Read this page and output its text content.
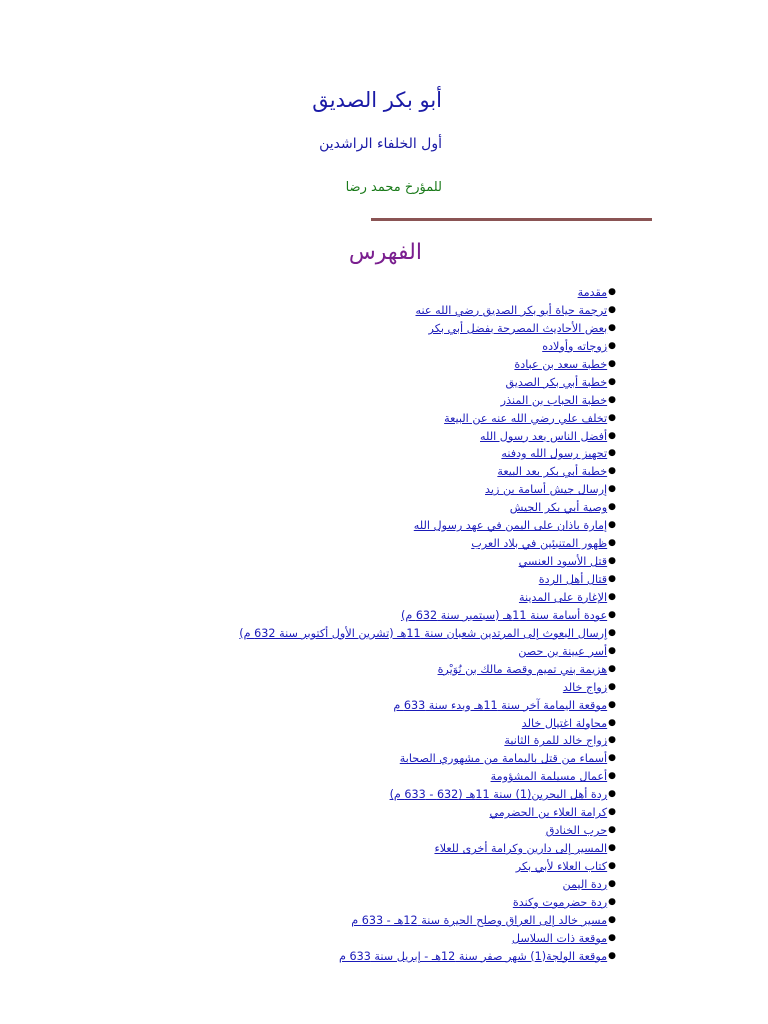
أبو بكر الصديق
أول الخلفاء الراشدين
للمؤرخ محمد رضا
الفهرس
●مقدمة
●ترجمة حياة أبو بكر الصديق رضي الله عنه
●بعض الأحاديث المصرحة بفضل أبي بكر
●زوجاته وأولاده
●خطبة سعد بن عبادة
●خطبة أبي بكر الصديق
●خطبة الحباب بن المنذر
●تخلف علي رضي الله عنه عن البيعة
●أفضل الناس بعد رسول الله
●تجهيز رسول الله ودفنه
●خطبة أبي بكر بعد البيعة
●إرسال جيش أسامة بن زيد
●وصية أبي بكر الجيش
●إمارة باذان على اليمن في عهد رسول الله
●ظهور المتنبئين في بلاد العرب
●قتل الأسود العنسي
●قتال أهل الردة
●الإغارة على المدينة
●عودة أسامة سنة 11هـ (سبتمبر سنة 632 م)
●إرسال البعوث إلى المرتدين شعبان سنة 11هـ (تشرين الأول أكتوبر سنة 632 م)
●أسر عيينة بن حصن
●هزيمة بني تميم وقصة مالك بن نُوَيْرة
●زواج خالد
●موقعة اليمامة آخر سنة 11هـ وبدء سنة 633 م
●محاولة اغتيال خالد
●زواج خالد للمرة الثانية
●أسماء من قتل باليمامة من مشهوري الصحابة
●أعمال مسيلمة المشؤومة
●ردة أهل البحرين(1) سنة 11هـ (632 - 633 م)
●كرامة العلاء بن الحضرمي
●حرب الخنادق
●المسير إلى دارين وكرامة أخرى للعلاء
●كتاب العلاء لأبي بكر
●ردة اليمن
●ردة حضرموت وكندة
●مسير خالد إلى العراق وصلح الحيرة سنة 12هـ - 633 م
●موقعة ذات السلاسل
●موقعة الولجة(1) شهر صفر سنة 12هـ - إبريل سنة 633 م
